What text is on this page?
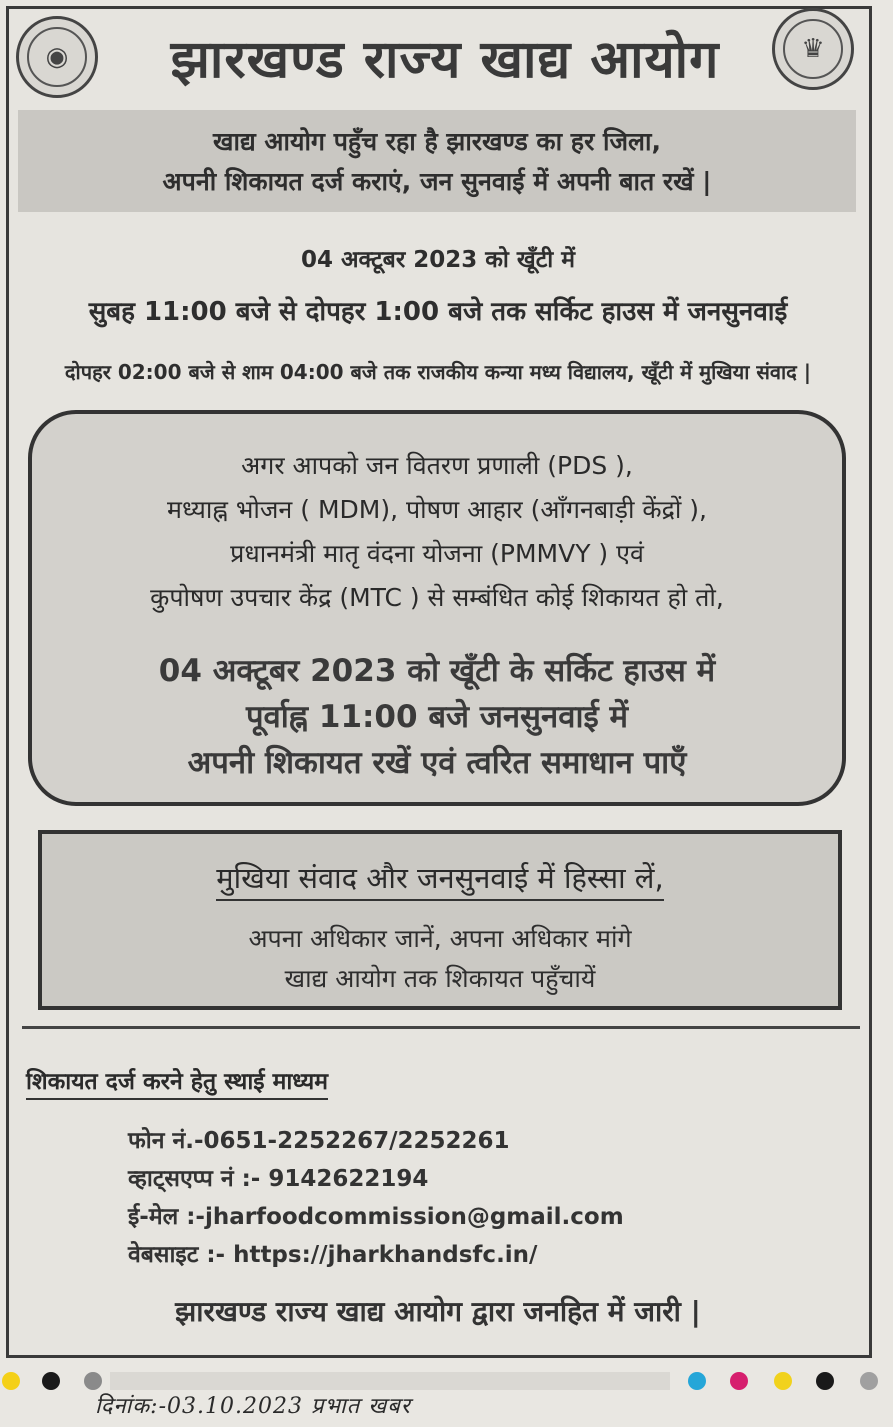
◉	♛
झारखण्ड राज्य खाद्य आयोग
खाद्य आयोग पहुँच रहा है झारखण्ड का हर जिला,
अपनी शिकायत दर्ज कराएं, जन सुनवाई में अपनी बात रखें |
04 अक्टूबर 2023 को खूँटी में
सुबह 11:00 बजे से दोपहर 1:00 बजे तक सर्किट हाउस में जनसुनवाई
दोपहर 02:00 बजे से शाम 04:00 बजे तक राजकीय कन्या मध्य विद्यालय, खूँटी में मुखिया संवाद |
अगर आपको जन वितरण प्रणाली (PDS ),
मध्याह्न भोजन ( MDM), पोषण आहार (आँगनबाड़ी केंद्रों ),
प्रधानमंत्री मातृ वंदना योजना (PMMVY ) एवं
कुपोषण उपचार केंद्र (MTC ) से सम्बंधित कोई शिकायत हो तो,
04 अक्टूबर 2023 को खूँटी के सर्किट हाउस में
पूर्वाह्न 11:00 बजे जनसुनवाई में
अपनी शिकायत रखें एवं त्वरित समाधान पाएँ
मुखिया संवाद और जनसुनवाई में हिस्सा लें,
अपना अधिकार जानें, अपना अधिकार मांगे
खाद्य आयोग तक शिकायत पहुँचायें
शिकायत दर्ज करने हेतु स्थाई माध्यम
फोन नं.-0651-2252267/2252261
व्हाट्सएप्प नं :- 9142622194
ई-मेल :-jharfoodcommission@gmail.com
वेबसाइट :- https://jharkhandsfc.in/
झारखण्ड राज्य खाद्य आयोग द्वारा जनहित में जारी |
दिनांक:-03.10.2023 प्रभात खबर
